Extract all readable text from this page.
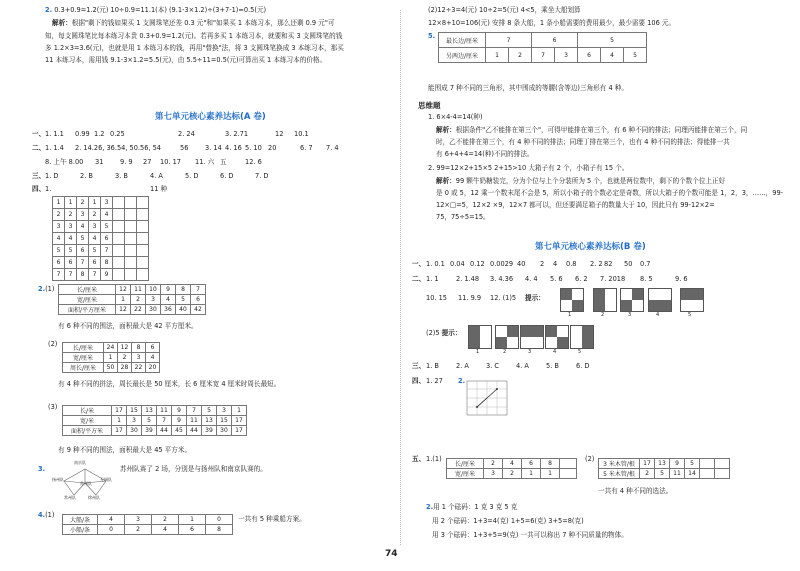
2. 0.3+0.9=1.2(元) 10÷0.9=11.1(本) (9.1-3×1.2)÷(3+7-1)≈0.5(元)
解析：根据"剩下的钱如果买 1 支圆珠笔还差 0.3 元"和"如果买 1 本练习本，那么还剩 0.9 元"可
知，每支圆珠笔比每本练习本贵 0.3+0.9=1.2(元)。若再多买 1 本练习本，就要和买 3 支圆珠笔的钱
多 1.2×3=3.6(元)，也就是用 1 本练习本的钱，再用"替换"法，将 3 支圆珠笔换成 3 本练习本，那买
11 本练习本，需用钱 9.1-3×1.2=5.5(元)，由 5.5÷11=0.5(元)可算出买 1 本练习本的价格。
第七单元核心素养达标(A 卷)
一、 1. 1.1 0.99 1.2 0.25	2. 24	3. 2.71	12 10.1
二、 1. 1.4 2. 14.26, 36.54, 50.56, 54	56	3. 14 4. 16 5. 10 20	6. 7 7. 4
8. 上午 8.00 31	9. 9 27 10. 17 11. 六 五	12. 6
三、 1. D	2. B	3. B	4. A	5. D	6. D	7. D
四、 1.	11 种
1	1	2	1	3			
2	2	3	2	4			
3	3	4	3	5			
4	4	5	4	6			
5	5	6	5	7			
6	6	7	6	8			
7	7	8	7	9			
2.(1)	长/厘米	12	11	10	9	8	7
宽/厘米	1	2	3	4	5	6
面积/平方厘米	12	22	30	36	40	42
有 6 种不同的围法，面积最大是 42 平方厘米。
(2)
长/厘米	24	12	8	6
宽/厘米	1	2	3	4
周长/厘米	50	28	22	20
有 4 种不同的拼法，周长最长是 50 厘米，长 6 厘米宽 4 厘米时周长最短。
(3)
长/米	17	15	13	11	9	7	5	3	1
宽/米	1	3	5	7	9	11	13	15	17
面积/平方米	17	30	39	44	45	44	39	30	17
有 9 种不同的围法，面积最大是 45 平方米。
3.
南京队
扬州队
苏州队
无锡队
常州队	徐州队
苏州队赛了 2 场，分别是与扬州队和南京队赛的。
4.(1)
大船/条	4	3	2	1	0
小船/条	0	2	4	6	8
一共有 5 种乘船方案。
(2)12÷3=4(元) 10÷2=5(元) 4<5，乘坐大船划算
12×8+10=106(元) 安排 8 条大船，1 条小船需要的费用最少，最少需要 106 元。
5.
最长边/厘米	7		6		5		
另两边/厘米	1	2	7	3	6	4	5
能围成 7 种不同的三角形，其中围成的等腰(含等边)三角形有 4 种。
思维题
1. 6×4-4=14(种)
解析：根据条件"乙不能排在第三个"，可得甲能排在第三个，有 6 种不同的排法；同理丙能排在第三个，同
时，乙不能排在第三个，有 4 种不同的排法；同理丁排在第三个，也有 4 种不同的排法；得能排一共
有 6+4+4=14(种)不同的排法。
2. 99=12×2+15×5 2+15>10 大箱子有 2 个，小箱子有 15 个。
解析：99 颗牛奶糖装完，分为个位与上个分装所为 5 个，也就是两位数中，剩下的个数个位上正好
是 0 或 5，12 乘一个数末尾不会是 5，所以小箱子的个数必定是奇数，所以大箱子的个数可能是 1，2，3，……，99-
12×□=5，12×2 ×9，12×7 都可以，但还要满足箱子的数量大于 10，因此只有 99-12×2=
75，75÷5=15。
第七单元核心素养达标(B 卷)
一、 1. 0.1 0.04 0.12 0.0029 40 2 4 0.8 2. 2 82 50 0.7
二、 1. 1	2. 1.48 3. 4.36 4. 4 5. 6 6. 2 7. 2018 8. 5	9. 6
10. 15 11. 9.9 12. (1)5 提示：
1	2	3	4	5
(2)5 提示：
1	2	3	4	5
三、 1. B	2. A	3. C	4. A	5. B	6. D
四、 1. 27 2.
五、 1.(1)
长/厘米	2	4	6	8	
宽/厘米	3	2	1	1	
(2)
3 米木管/根	17	13	9	5		
5 米木管/根	2	5	11	14		
一共有 4 种不同的选法。
2.用 1 个砝码：1 克 3 克 5 克
用 2 个砝码：1+3=4(克) 1+5=6(克) 3+5=8(克)
用 3 个砝码：1+3+5=9(克) 一共可以称出 7 种不同质量的物体。
74
